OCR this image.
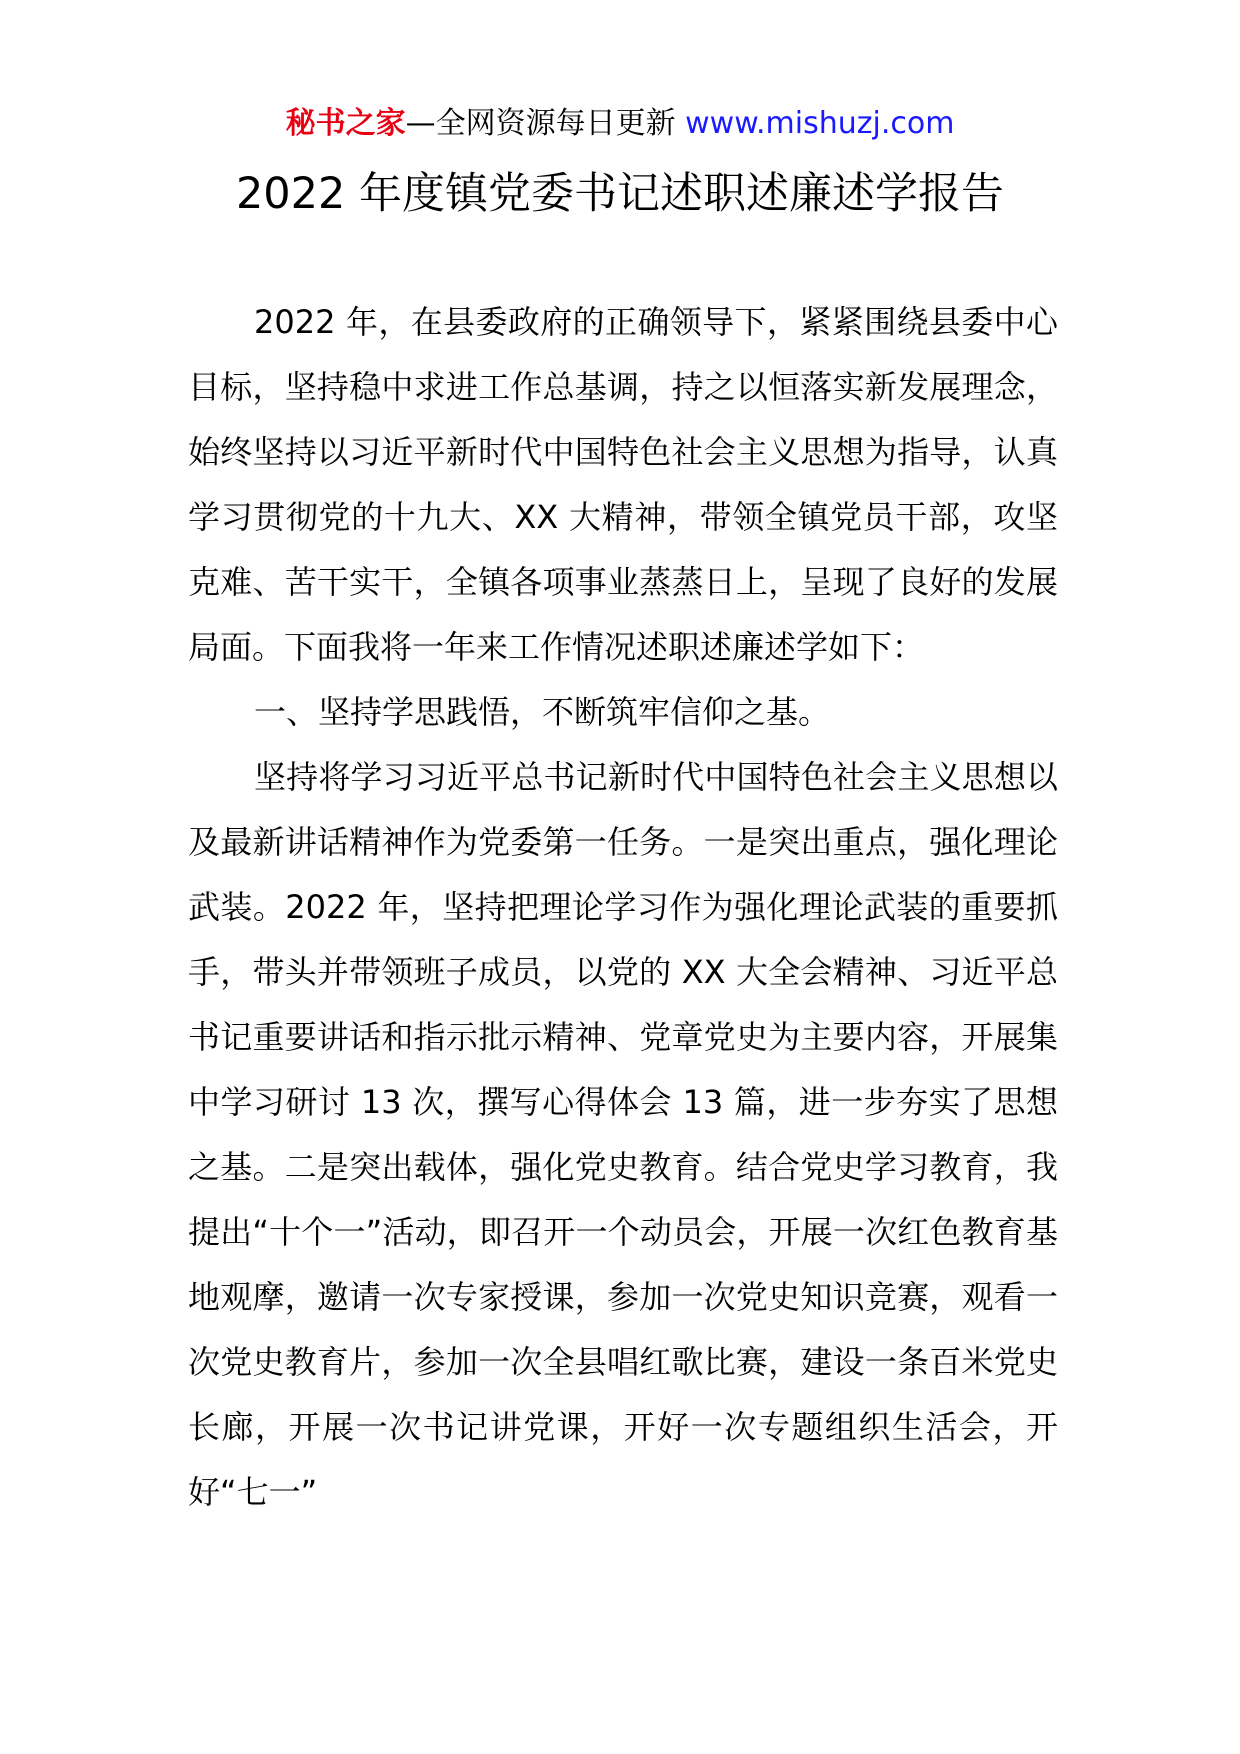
秘书之家—全网资源每日更新 www.mishuzj.com
2022 年度镇党委书记述职述廉述学报告

2022 年，在县委政府的正确领导下，紧紧围绕县委中心目标，坚持稳中求进工作总基调，持之以恒落实新发展理念，始终坚持以习近平新时代中国特色社会主义思想为指导，认真学习贯彻党的十九大、XX 大精神，带领全镇党员干部，攻坚克难、苦干实干，全镇各项事业蒸蒸日上，呈现了良好的发展局面。下面我将一年来工作情况述职述廉述学如下：

一、坚持学思践悟，不断筑牢信仰之基。

坚持将学习习近平总书记新时代中国特色社会主义思想以及最新讲话精神作为党委第一任务。一是突出重点，强化理论武装。2022 年，坚持把理论学习作为强化理论武装的重要抓手，带头并带领班子成员，以党的 XX 大全会精神、习近平总书记重要讲话和指示批示精神、党章党史为主要内容，开展集中学习研讨 13 次，撰写心得体会 13 篇，进一步夯实了思想之基。二是突出载体，强化党史教育。结合党史学习教育，我提出“十个一”活动，即召开一个动员会，开展一次红色教育基地观摩，邀请一次专家授课，参加一次党史知识竞赛，观看一次党史教育片，参加一次全县唱红歌比赛，建设一条百米党史长廊，开展一次书记讲党课，开好一次专题组织生活会，开好“七一”
